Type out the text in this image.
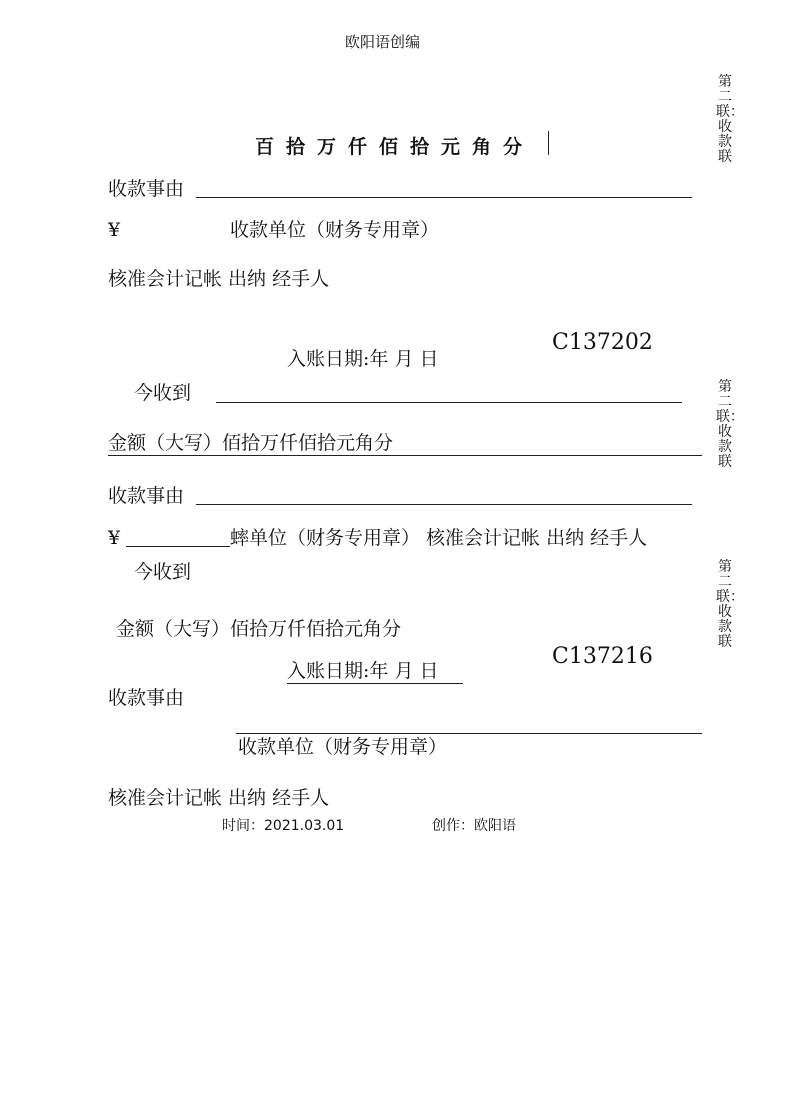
欧阳语创编
第二联：收款联
第二联：收款联
第二联：收款联
百拾万仟佰拾元角分
收款事由
¥	收款单位（财务专用章）
核准会计记帐 出纳 经手人
C137202
入账日期:年 月 日
今收到
金额（大写）佰拾万仟佰拾元角分
收款事由
¥	蟀单位（财务专用章） 核准会计记帐 出纳 经手人
今收到
金额（大写）佰拾万仟佰拾元角分
C137216
入账日期:年 月 日
收款事由
收款单位（财务专用章）
核准会计记帐 出纳 经手人
时间：2021.03.01	创作：欧阳语
